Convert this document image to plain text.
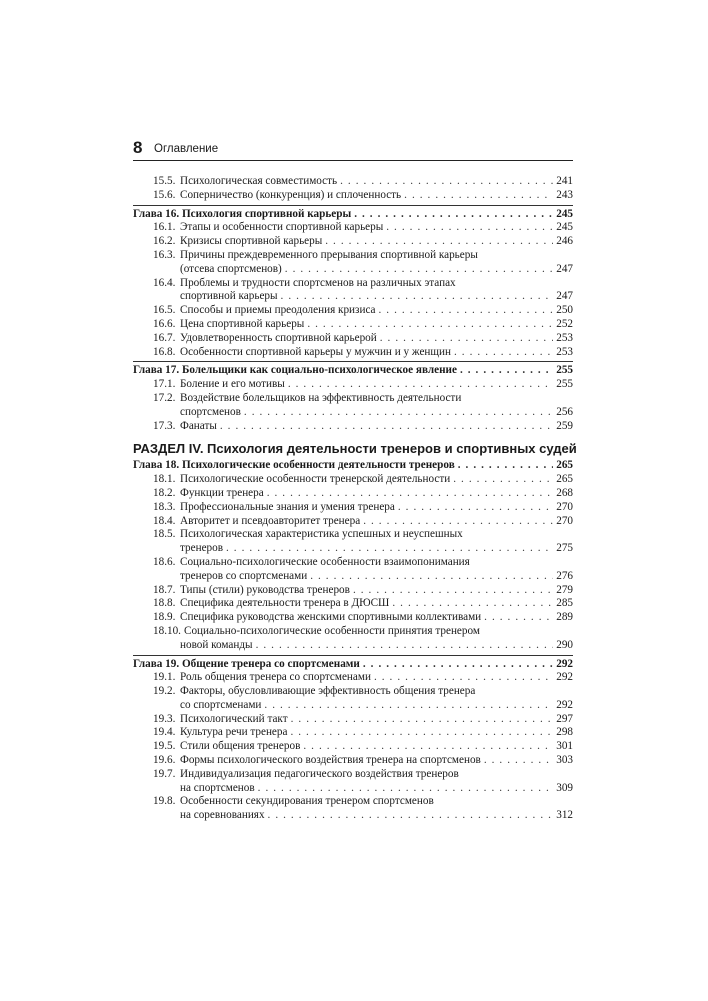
8 Оглавление
15.5. Психологическая совместимость . . .	241
15.6. Соперничество (конкуренция) и сплоченность . . .	243
Глава 16. Психология спортивной карьеры . . .	245
16.1. Этапы и особенности спортивной карьеры . . .	245
16.2. Кризисы спортивной карьеры . . .	246
16.3. Причины преждевременного прерывания спортивной карьеры
(отсева спортсменов) . . .	247
16.4. Проблемы и трудности спортсменов на различных этапах
спортивной карьеры . . .	247
16.5. Способы и приемы преодоления кризиса . . .	250
16.6. Цена спортивной карьеры . . .	252
16.7. Удовлетворенность спортивной карьерой . . .	253
16.8. Особенности спортивной карьеры у мужчин и у женщин . . .	253
Глава 17. Болельщики как социально-психологическое явление . . .	255
17.1. Боление и его мотивы . . .	255
17.2. Воздействие болельщиков на эффективность деятельности
спортсменов . . .	256
17.3. Фанаты . . .	259
РАЗДЕЛ IV. Психология деятельности тренеров и спортивных судей
Глава 18. Психологические особенности деятельности тренеров . . .	265
18.1. Психологические особенности тренерской деятельности . . .	265
18.2. Функции тренера . . .	268
18.3. Профессиональные знания и умения тренера . . .	270
18.4. Авторитет и псевдоавторитет тренера . . .	270
18.5. Психологическая характеристика успешных и неуспешных
тренеров . . .	275
18.6. Социально-психологические особенности взаимопонимания
тренеров со спортсменами . . .	276
18.7. Типы (стили) руководства тренеров . . .	279
18.8. Специфика деятельности тренера в ДЮСШ . . .	285
18.9. Специфика руководства женскими спортивными коллективами . . .	289
18.10. Социально-психологические особенности принятия тренером
новой команды . . .	290
Глава 19. Общение тренера со спортсменами . . .	292
19.1. Роль общения тренера со спортсменами . . .	292
19.2. Факторы, обусловливающие эффективность общения тренера
со спортсменами . . .	292
19.3. Психологический такт . . .	297
19.4. Культура речи тренера . . .	298
19.5. Стили общения тренеров . . .	301
19.6. Формы психологического воздействия тренера на спортсменов . . .	303
19.7. Индивидуализация педагогического воздействия тренеров
на спортсменов . . .	309
19.8. Особенности секундирования тренером спортсменов
на соревнованиях . . .	312
